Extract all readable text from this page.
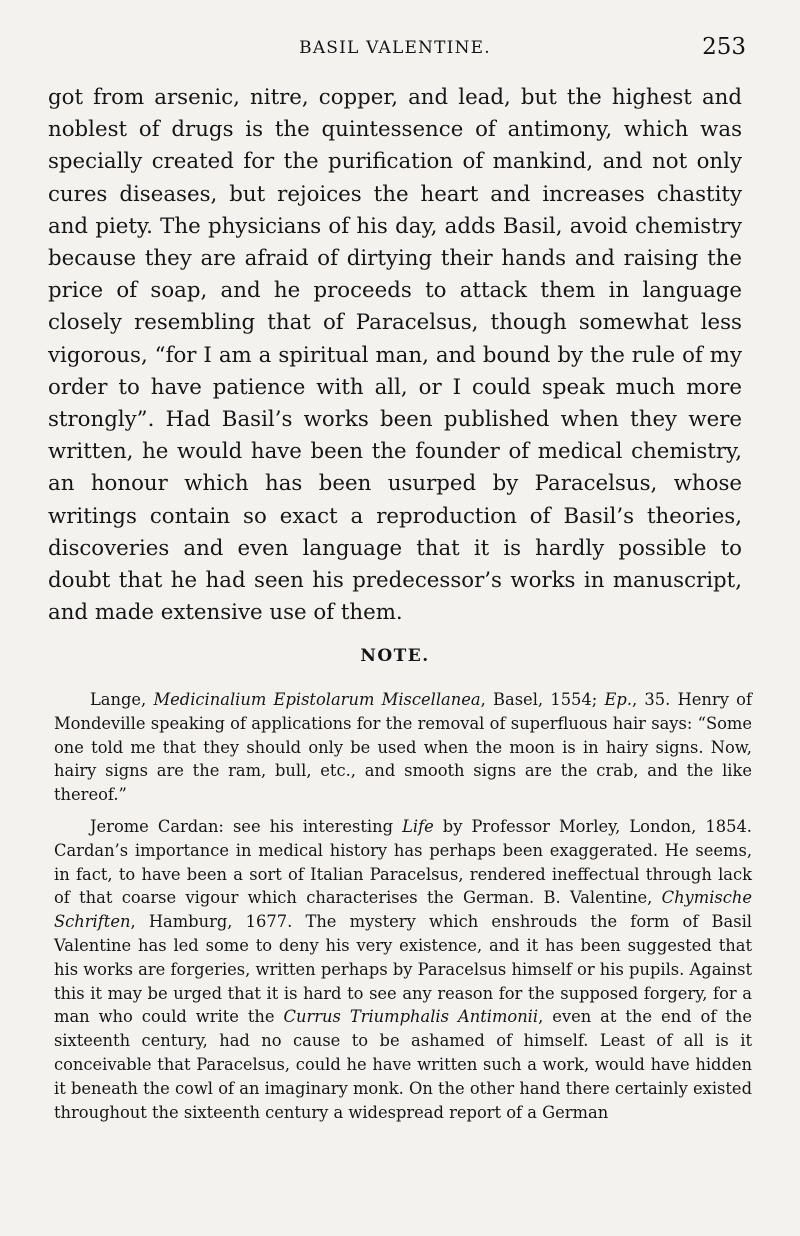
BASIL VALENTINE.	253

got from arsenic, nitre, copper, and lead, but the highest and noblest of drugs is the quintessence of antimony, which was specially created for the purification of mankind, and not only cures diseases, but rejoices the heart and increases chastity and piety. The physicians of his day, adds Basil, avoid chemistry because they are afraid of dirtying their hands and raising the price of soap, and he proceeds to attack them in language closely resembling that of Paracelsus, though somewhat less vigorous, “for I am a spiritual man, and bound by the rule of my order to have patience with all, or I could speak much more strongly”. Had Basil’s works been published when they were written, he would have been the founder of medical chemistry, an honour which has been usurped by Paracelsus, whose writings contain so exact a reproduction of Basil’s theories, discoveries and even language that it is hardly possible to doubt that he had seen his predecessor’s works in manuscript, and made extensive use of them.

NOTE.

Lange, Medicinalium Epistolarum Miscellanea, Basel, 1554; Ep., 35. Henry of Mondeville speaking of applications for the removal of superfluous hair says: “Some one told me that they should only be used when the moon is in hairy signs. Now, hairy signs are the ram, bull, etc., and smooth signs are the crab, and the like thereof.”

Jerome Cardan: see his interesting Life by Professor Morley, London, 1854. Cardan’s importance in medical history has perhaps been exaggerated. He seems, in fact, to have been a sort of Italian Paracelsus, rendered ineffectual through lack of that coarse vigour which characterises the German. B. Valentine, Chymische Schriften, Hamburg, 1677. The mystery which enshrouds the form of Basil Valentine has led some to deny his very existence, and it has been suggested that his works are forgeries, written perhaps by Paracelsus himself or his pupils. Against this it may be urged that it is hard to see any reason for the supposed forgery, for a man who could write the Currus Triumphalis Antimonii, even at the end of the sixteenth century, had no cause to be ashamed of himself. Least of all is it conceivable that Paracelsus, could he have written such a work, would have hidden it beneath the cowl of an imaginary monk. On the other hand there certainly existed throughout the sixteenth century a widespread report of a German
